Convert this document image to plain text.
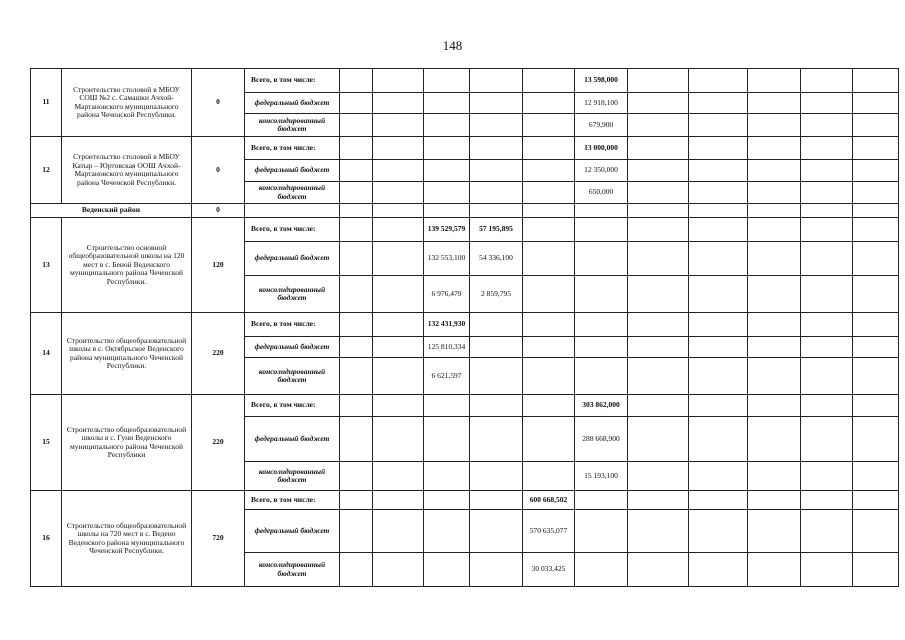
148
11	Строительство столовой в МБОУ СОШ №2 с. Самашки Ачхой-Мартановского муниципального района Чеченской Республики.	0	Всего, в том числе:						13 598,000					
			федеральный бюджет						12 918,100					
			консолидированный бюджет						679,900					
12	Строительство столовой в МБОУ Катыр – Юртовская ООШ Ачхой-Мартановского муниципального района Чеченской Республики.	0	Всего, в том числе:						13 000,000					
			федеральный бюджет						12 350,000					
			консолидированный бюджет						650,000					
Веденский район		0												
13	Строительство основной общеобразовательной школы на 120 мест в с. Беной Веденского муниципального района Чеченской Республики.	120	Всего, в том числе:			139 529,579	57 195,895							
			федеральный бюджет			132 553,100	54 336,100							
			консолидированный бюджет			6 976,479	2 859,795							
14	Строительство общеобразовательной школы в с. Октябрьское Веденского района муниципального Чеченской Республики.	220	Всего, в том числе:			132 431,930								
			федеральный бюджет			125 810,334								
			консолидированный бюджет			6 621,597								
15	Строительство общеобразовательной школы в с. Гуни Веденского муниципального района Чеченской Республики	220	Всего, в том числе:						303 862,000					
			федеральный бюджет						288 668,900					
			консолидированный бюджет						15 193,100					
16	Строительство общеобразовательной школы на 720 мест в с. Ведено Веденского района муниципального Чеченской Республики.	720	Всего, в том числе:					600 668,502						
			федеральный бюджет					570 635,077						
			консолидированный бюджет					30 033,425						
